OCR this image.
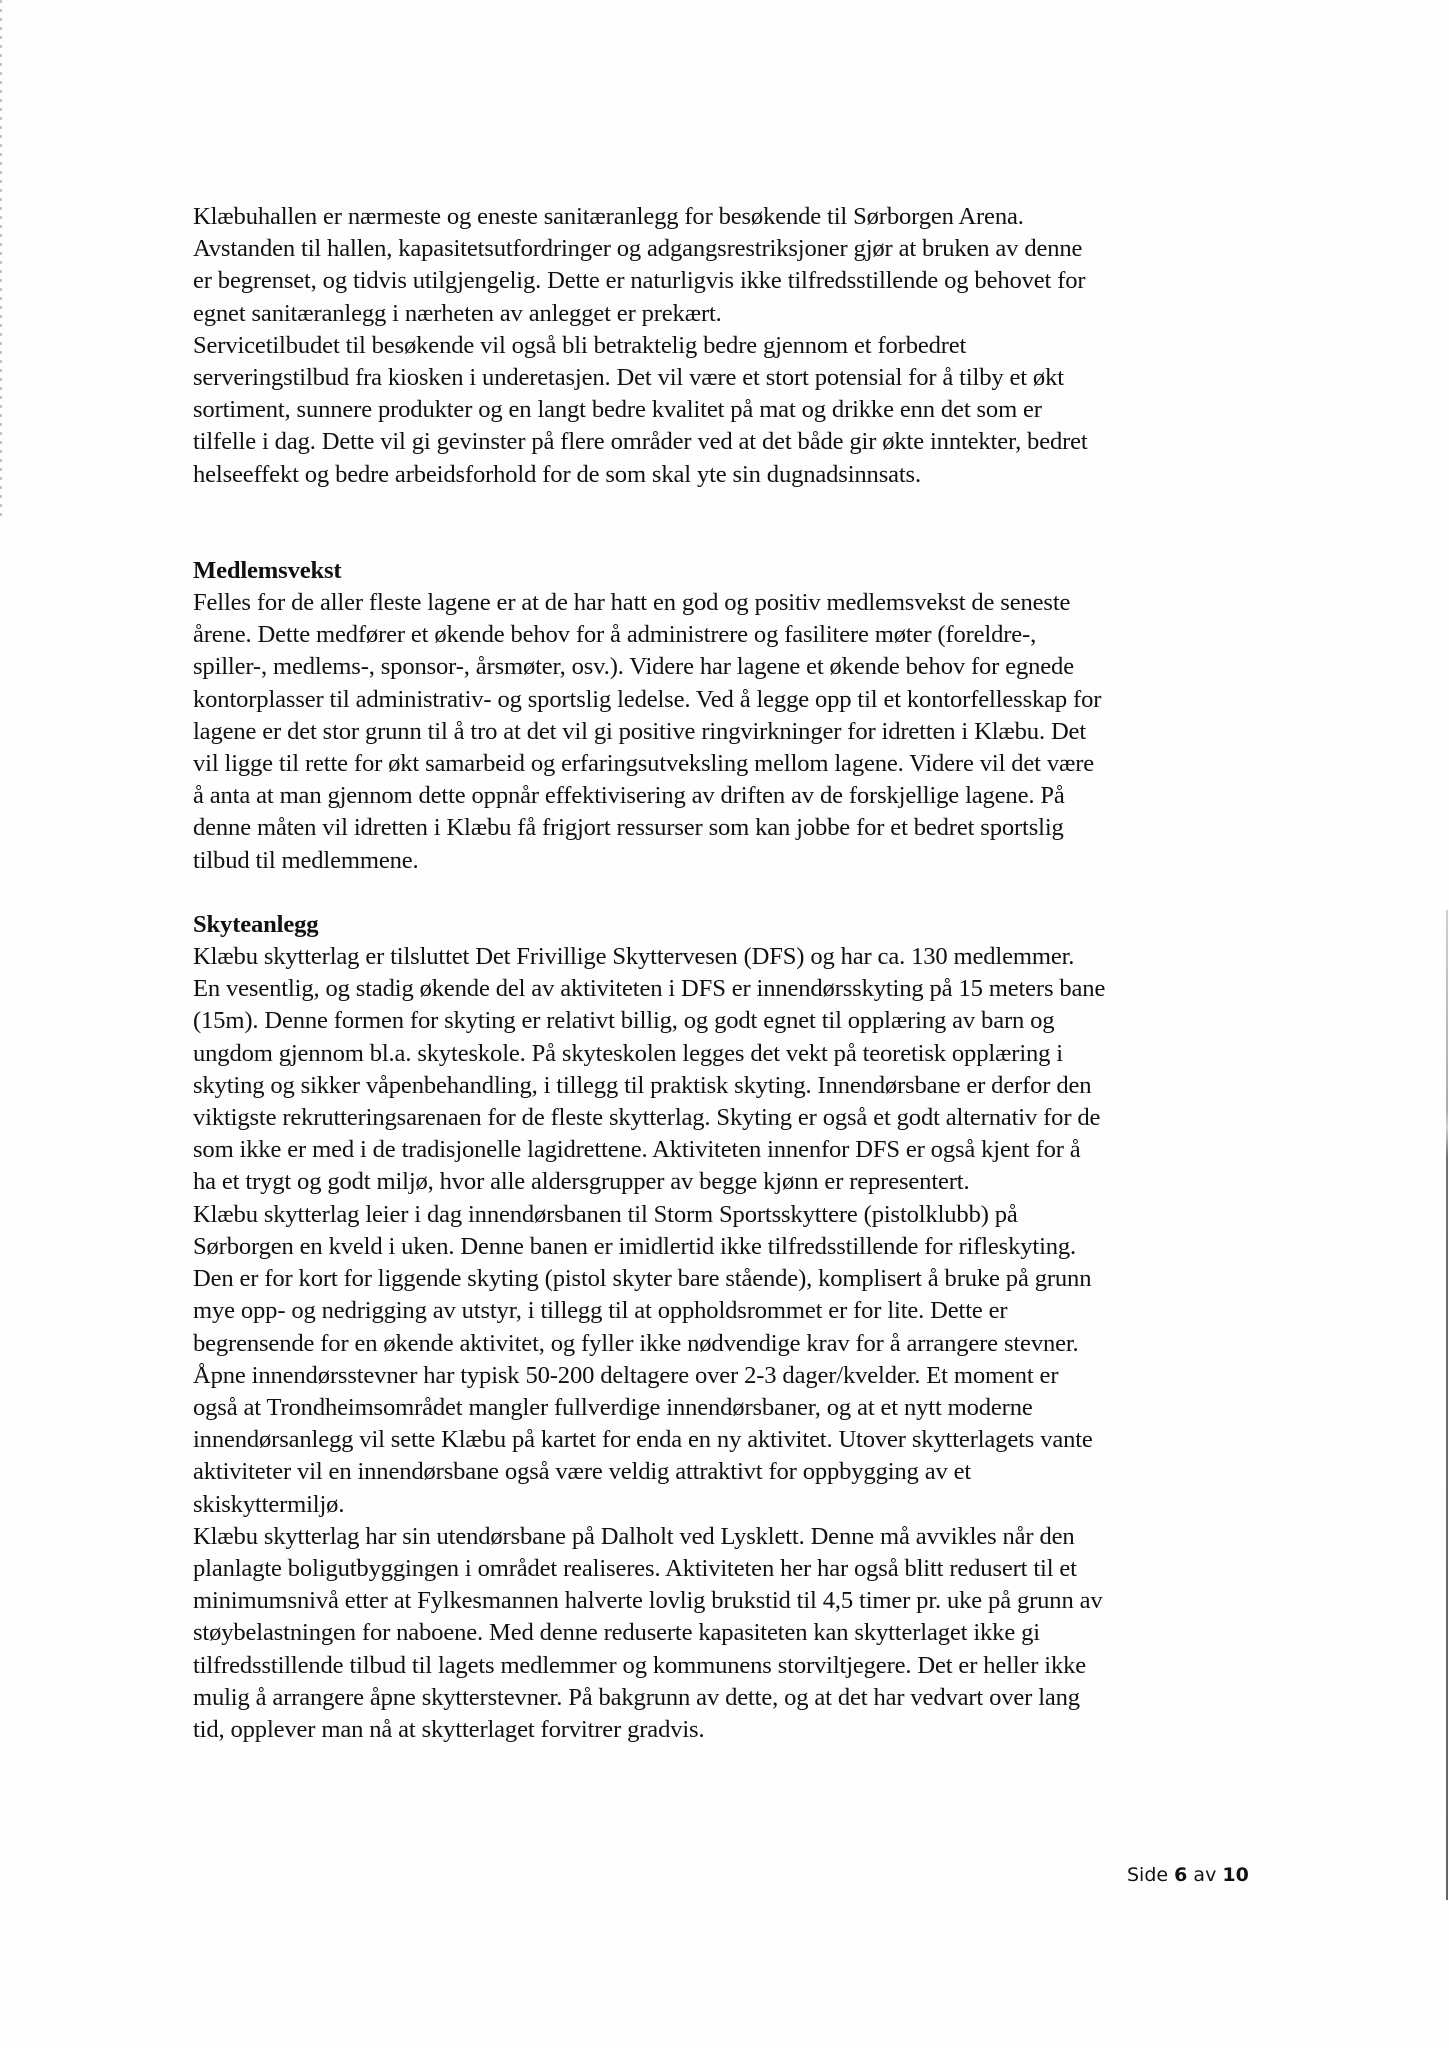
Klæbuhallen er nærmeste og eneste sanitæranlegg for besøkende til Sørborgen Arena.
Avstanden til hallen, kapasitetsutfordringer og adgangsrestriksjoner gjør at bruken av denne
er begrenset, og tidvis utilgjengelig. Dette er naturligvis ikke tilfredsstillende og behovet for
egnet sanitæranlegg i nærheten av anlegget er prekært.
Servicetilbudet til besøkende vil også bli betraktelig bedre gjennom et forbedret
serveringstilbud fra kiosken i underetasjen. Det vil være et stort potensial for å tilby et økt
sortiment, sunnere produkter og en langt bedre kvalitet på mat og drikke enn det som er
tilfelle i dag. Dette vil gi gevinster på flere områder ved at det både gir økte inntekter, bedret
helseeffekt og bedre arbeidsforhold for de som skal yte sin dugnadsinnsats.
Medlemsvekst
Felles for de aller fleste lagene er at de har hatt en god og positiv medlemsvekst de seneste
årene. Dette medfører et økende behov for å administrere og fasilitere møter (foreldre-,
spiller-, medlems-, sponsor-, årsmøter, osv.). Videre har lagene et økende behov for egnede
kontorplasser til administrativ- og sportslig ledelse. Ved å legge opp til et kontorfellesskap for
lagene er det stor grunn til å tro at det vil gi positive ringvirkninger for idretten i Klæbu. Det
vil ligge til rette for økt samarbeid og erfaringsutveksling mellom lagene. Videre vil det være
å anta at man gjennom dette oppnår effektivisering av driften av de forskjellige lagene. På
denne måten vil idretten i Klæbu få frigjort ressurser som kan jobbe for et bedret sportslig
tilbud til medlemmene.
Skyteanlegg
Klæbu skytterlag er tilsluttet Det Frivillige Skyttervesen (DFS) og har ca. 130 medlemmer.
En vesentlig, og stadig økende del av aktiviteten i DFS er innendørsskyting på 15 meters bane
(15m). Denne formen for skyting er relativt billig, og godt egnet til opplæring av barn og
ungdom gjennom bl.a. skyteskole. På skyteskolen legges det vekt på teoretisk opplæring i
skyting og sikker våpenbehandling, i tillegg til praktisk skyting. Innendørsbane er derfor den
viktigste rekrutteringsarenaen for de fleste skytterlag. Skyting er også et godt alternativ for de
som ikke er med i de tradisjonelle lagidrettene. Aktiviteten innenfor DFS er også kjent for å
ha et trygt og godt miljø, hvor alle aldersgrupper av begge kjønn er representert.
Klæbu skytterlag leier i dag innendørsbanen til Storm Sportsskyttere (pistolklubb) på
Sørborgen en kveld i uken. Denne banen er imidlertid ikke tilfredsstillende for rifleskyting.
Den er for kort for liggende skyting (pistol skyter bare stående), komplisert å bruke på grunn
mye opp- og nedrigging av utstyr, i tillegg til at oppholdsrommet er for lite. Dette er
begrensende for en økende aktivitet, og fyller ikke nødvendige krav for å arrangere stevner.
Åpne innendørsstevner har typisk 50-200 deltagere over 2-3 dager/kvelder. Et moment er
også at Trondheimsområdet mangler fullverdige innendørsbaner, og at et nytt moderne
innendørsanlegg vil sette Klæbu på kartet for enda en ny aktivitet. Utover skytterlagets vante
aktiviteter vil en innendørsbane også være veldig attraktivt for oppbygging av et
skiskyttermiljø.
Klæbu skytterlag har sin utendørsbane på Dalholt ved Lysklett. Denne må avvikles når den
planlagte boligutbyggingen i området realiseres. Aktiviteten her har også blitt redusert til et
minimumsnivå etter at Fylkesmannen halverte lovlig brukstid til 4,5 timer pr. uke på grunn av
støybelastningen for naboene. Med denne reduserte kapasiteten kan skytterlaget ikke gi
tilfredsstillende tilbud til lagets medlemmer og kommunens storviltjegere. Det er heller ikke
mulig å arrangere åpne skytterstevner. På bakgrunn av dette, og at det har vedvart over lang
tid, opplever man nå at skytterlaget forvitrer gradvis.
Side 6 av 10
